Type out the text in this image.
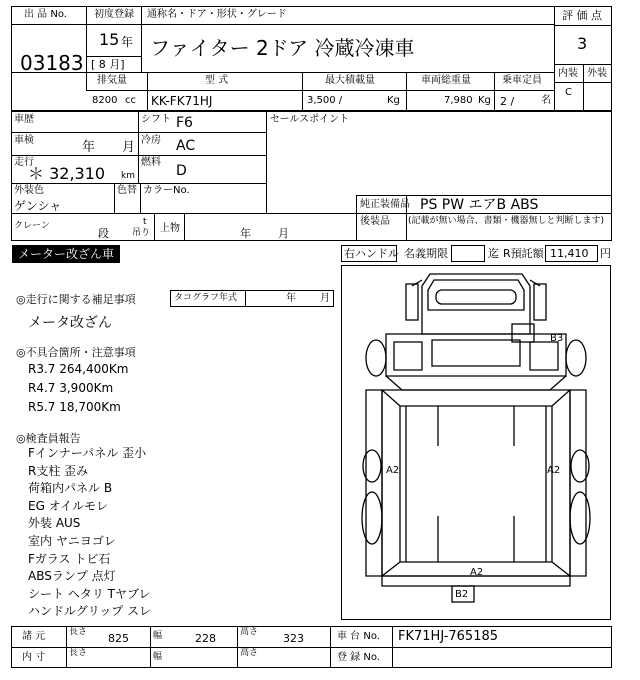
出 品 No.
03183
初度登録 通称名・ドア・形状・グレード
15 年
[ 8 月]
ファイター 2ドア 冷蔵冷凍車
評 価 点
3
内装 外装
C
排気量
8200 cc
型 式
KK-FK71HJ
最大積載量
3,500 /	Kg
車両総重量
7,980 Kg
乗車定員
2 /	名
車歴	シフト F6	セールスポイント
車検	年 月 冷房 AC
走行
＊ 32,310 km
燃料
D
外装色
ゲンシャ
色替 カラーNo.
純正装備品 PS PW エアB ABS
後装品 (記載が無い場合、書類・機器無しと判断します)
クレーン
段
t
吊り 上物	年 月
メーター改ざん車	右ハンドル 名義期限	迄 R預託額 11,410 円
◎走行に関する補足事項	タコグラフ年式	年 月
メータ改ざん
◎不具合箇所・注意事項
R3.7 264,400Km
R4.7 3,900Km
R5.7 18,700Km
◎検査員報告
Fインナーパネル 歪小
R支柱 歪み
荷箱内パネル B
EG オイルモレ
外装 AUS
室内 ヤニヨゴレ
Fガラス トビ石
ABSランプ 点灯
シート ヘタリ Tヤブレ
ハンドルグリップ スレ
B3
A2	A2
A2
B2
諸 元	長さ 825	幅	228	高さ 323	車 台 No. FK71HJ-765185
内 寸	長さ	幅	高さ	登 録 No.
